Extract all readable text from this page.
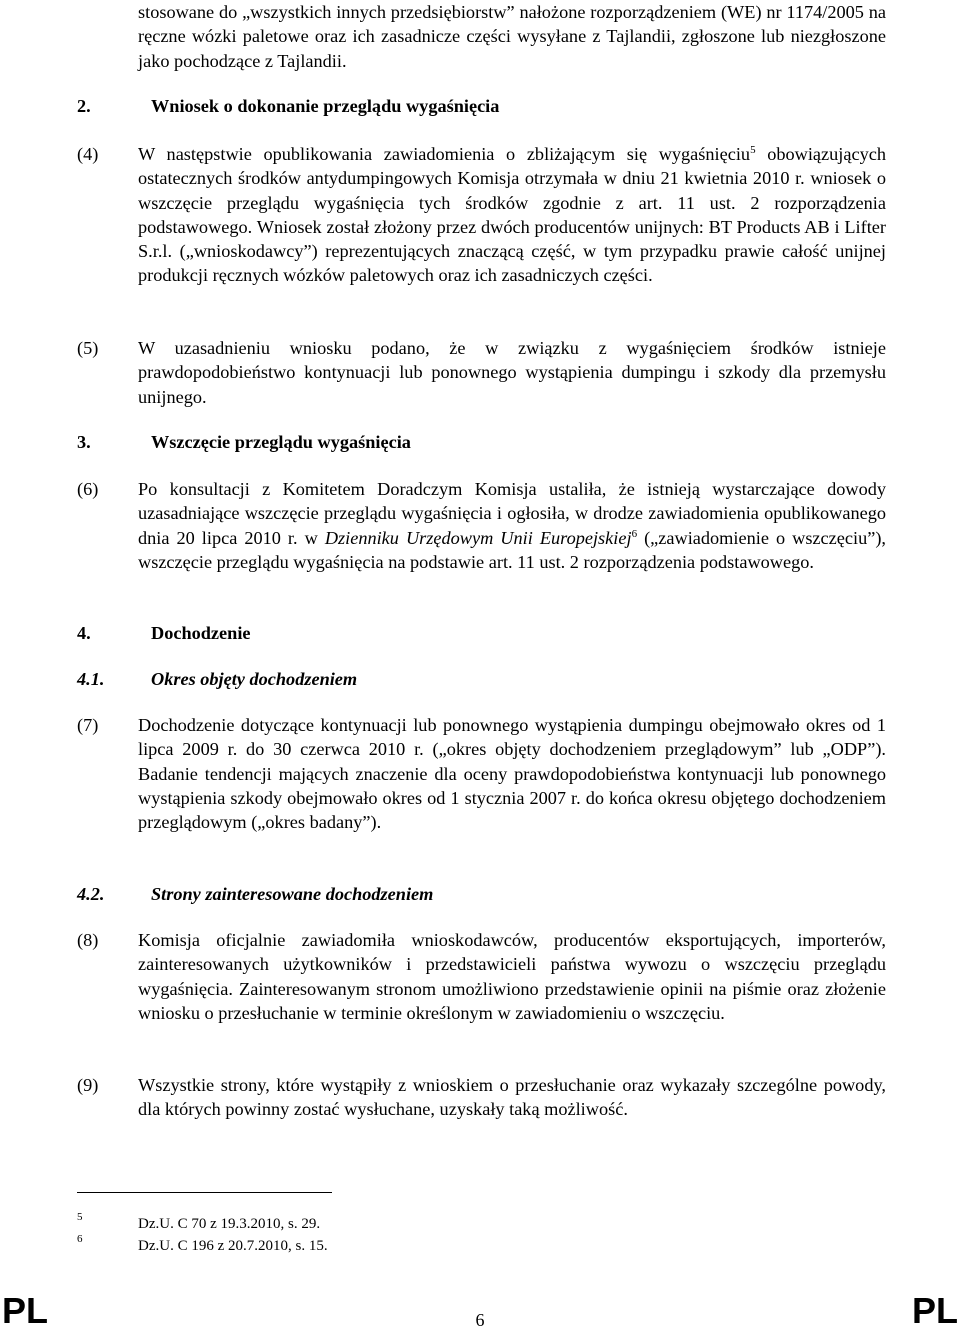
stosowane do „wszystkich innych przedsiębiorstw” nałożone rozporządzeniem (WE) nr 1174/2005 na ręczne wózki paletowe oraz ich zasadnicze części wysyłane z Tajlandii, zgłoszone lub niezgłoszone jako pochodzące z Tajlandii.
2.	Wniosek o dokonanie przeglądu wygaśnięcia
(4) W następstwie opublikowania zawiadomienia o zbliżającym się wygaśnięciu$^5$ obowiązujących ostatecznych środków antydumpingowych Komisja otrzymała w dniu 21 kwietnia 2010 r. wniosek o wszczęcie przeglądu wygaśnięcia tych środków zgodnie z art. 11 ust. 2 rozporządzenia podstawowego. Wniosek został złożony przez dwóch producentów unijnych: BT Products AB i Lifter S.r.l. („wnioskodawcy”) reprezentujących znaczącą część, w tym przypadku prawie całość unijnej produkcji ręcznych wózków paletowych oraz ich zasadniczych części.
(5) W uzasadnieniu wniosku podano, że w związku z wygaśnięciem środków istnieje prawdopodobieństwo kontynuacji lub ponownego wystąpienia dumpingu i szkody dla przemysłu unijnego.
3.	Wszczęcie przeglądu wygaśnięcia
(6) Po konsultacji z Komitetem Doradczym Komisja ustaliła, że istnieją wystarczające dowody uzasadniające wszczęcie przeglądu wygaśnięcia i ogłosiła, w drodze zawiadomienia opublikowanego dnia 20 lipca 2010 r. w Dzienniku Urzędowym Unii Europejskiej$^6$ („zawiadomienie o wszczęciu”), wszczęcie przeglądu wygaśnięcia na podstawie art. 11 ust. 2 rozporządzenia podstawowego.
4.	Dochodzenie
4.1.	Okres objęty dochodzeniem
(7) Dochodzenie dotyczące kontynuacji lub ponownego wystąpienia dumpingu obejmowało okres od 1 lipca 2009 r. do 30 czerwca 2010 r. („okres objęty dochodzeniem przeglądowym” lub „ODP”). Badanie tendencji mających znaczenie dla oceny prawdopodobieństwa kontynuacji lub ponownego wystąpienia szkody obejmowało okres od 1 stycznia 2007 r. do końca okresu objętego dochodzeniem przeglądowym („okres badany”).
4.2.	Strony zainteresowane dochodzeniem
(8) Komisja oficjalnie zawiadomiła wnioskodawców, producentów eksportujących, importerów, zainteresowanych użytkowników i przedstawicieli państwa wywozu o wszczęciu przeglądu wygaśnięcia. Zainteresowanym stronom umożliwiono przedstawienie opinii na piśmie oraz złożenie wniosku o przesłuchanie w terminie określonym w zawiadomieniu o wszczęciu.
(9) Wszystkie strony, które wystąpiły z wnioskiem o przesłuchanie oraz wykazały szczególne powody, dla których powinny zostać wysłuchane, uzyskały taką możliwość.
5	Dz.U. C 70 z 19.3.2010, s. 29.
6	Dz.U. C 196 z 20.7.2010, s. 15.
PL	6	PL
